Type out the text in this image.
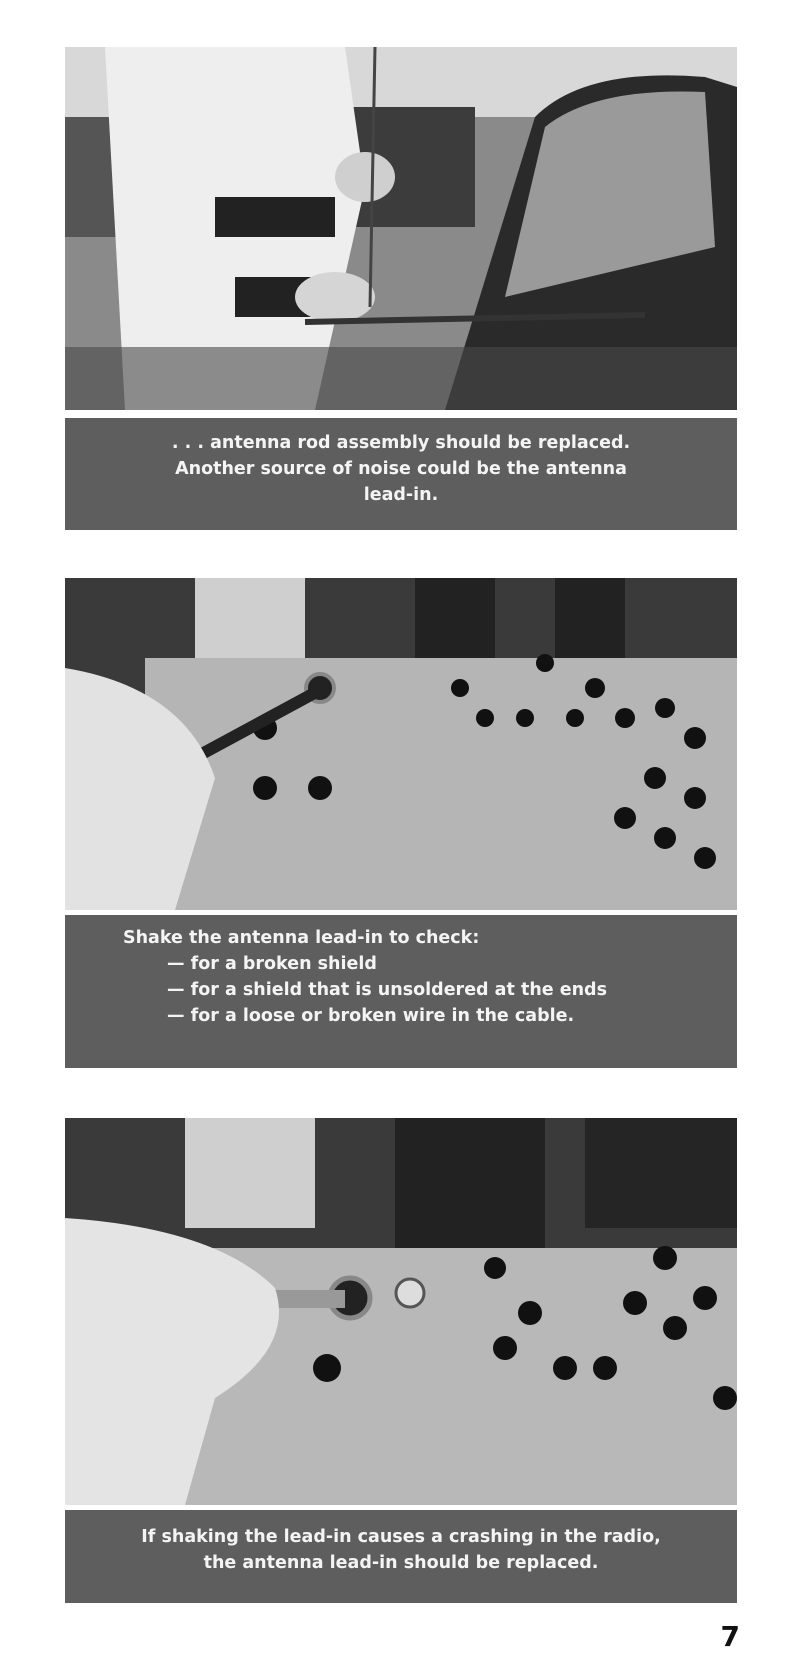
. . . antenna rod assembly should be replaced.
Another source of noise could be the antenna
lead-in.
Shake the antenna lead-in to check:
— for a broken shield
— for a shield that is unsoldered at the ends
— for a loose or broken wire in the cable.
If shaking the lead-in causes a crashing in the radio,
the antenna lead-in should be replaced.
7
